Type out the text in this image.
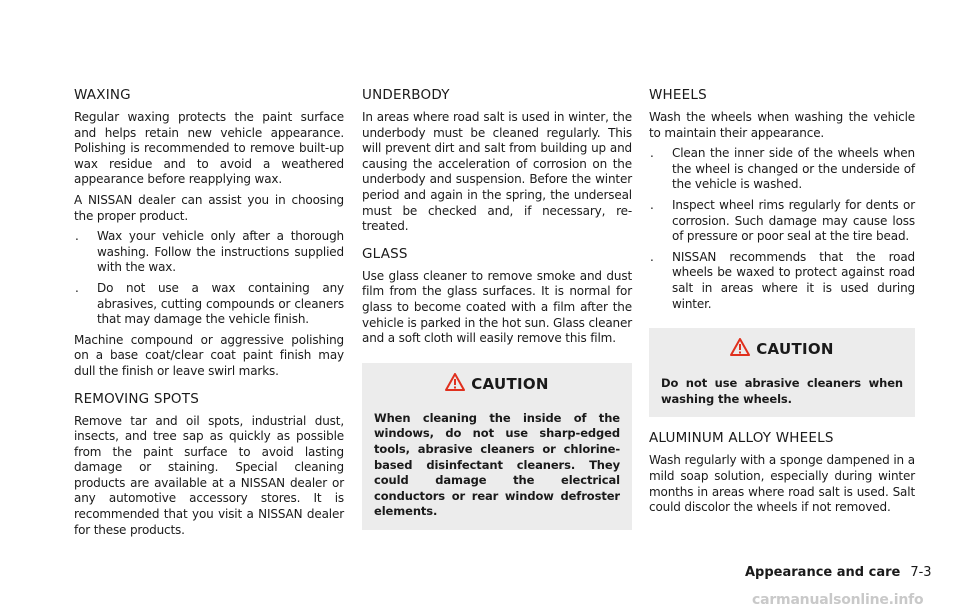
WAXING

Regular waxing protects the paint surface and helps retain new vehicle appearance. Polishing is recommended to remove built-up wax residue and to avoid a weathered appearance before reapplying wax.

A NISSAN dealer can assist you in choosing the proper product.

. Wax your vehicle only after a thorough washing. Follow the instructions supplied with the wax.
. Do not use a wax containing any abrasives, cutting compounds or cleaners that may damage the vehicle finish.

Machine compound or aggressive polishing on a base coat/clear coat paint finish may dull the finish or leave swirl marks.

REMOVING SPOTS

Remove tar and oil spots, industrial dust, insects, and tree sap as quickly as possible from the paint surface to avoid lasting damage or staining. Special cleaning products are available at a NISSAN dealer or any automotive accessory stores. It is recommended that you visit a NISSAN dealer for these products.

UNDERBODY

In areas where road salt is used in winter, the underbody must be cleaned regularly. This will prevent dirt and salt from building up and causing the acceleration of corrosion on the underbody and suspension. Before the winter period and again in the spring, the underseal must be checked and, if necessary, re-treated.

GLASS

Use glass cleaner to remove smoke and dust film from the glass surfaces. It is normal for glass to become coated with a film after the vehicle is parked in the hot sun. Glass cleaner and a soft cloth will easily remove this film.

CAUTION

When cleaning the inside of the windows, do not use sharp-edged tools, abrasive cleaners or chlorine-based disinfectant cleaners. They could damage the electrical conductors or rear window defroster elements.

WHEELS

Wash the wheels when washing the vehicle to maintain their appearance.

. Clean the inner side of the wheels when the wheel is changed or the underside of the vehicle is washed.
. Inspect wheel rims regularly for dents or corrosion. Such damage may cause loss of pressure or poor seal at the tire bead.
. NISSAN recommends that the road wheels be waxed to protect against road salt in areas where it is used during winter.
CAUTION

Do not use abrasive cleaners when washing the wheels.

ALUMINUM ALLOY WHEELS

Wash regularly with a sponge dampened in a mild soap solution, especially during winter months in areas where road salt is used. Salt could discolor the wheels if not removed.

Appearance and care 7-3
carmanualsonline.info
